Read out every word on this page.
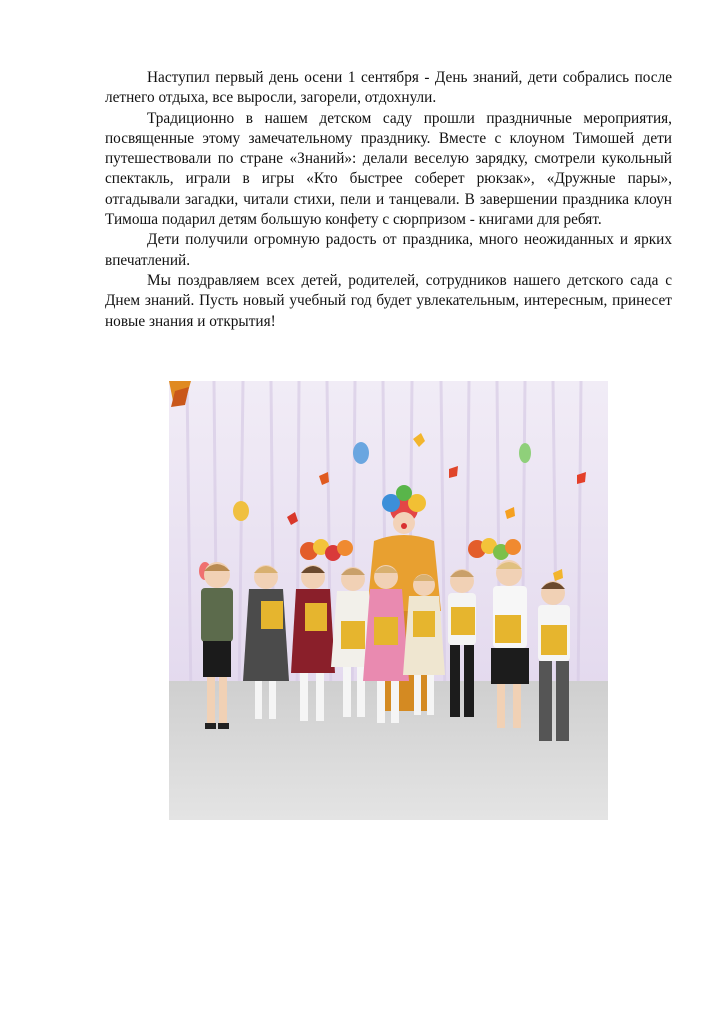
Наступил первый день осени 1 сентября - День знаний, дети собрались после летнего отдыха, все выросли, загорели, отдохнули.

Традиционно в нашем детском саду прошли праздничные мероприятия, посвященные этому замечательному празднику. Вместе с клоуном Тимошей дети путешествовали по стране «Знаний»: делали веселую зарядку, смотрели кукольный спектакль, играли в игры «Кто быстрее соберет рюкзак», «Дружные пары», отгадывали загадки, читали стихи, пели и танцевали. В завершении праздника клоун Тимоша подарил детям большую конфету с сюрпризом - книгами для ребят.

Дети получили огромную радость от праздника, много неожиданных и ярких впечатлений.

Мы поздравляем всех детей, родителей, сотрудников нашего детского сада с Днем знаний. Пусть новый учебный год будет увлекательным, интересным, принесет новые знания и открытия!
